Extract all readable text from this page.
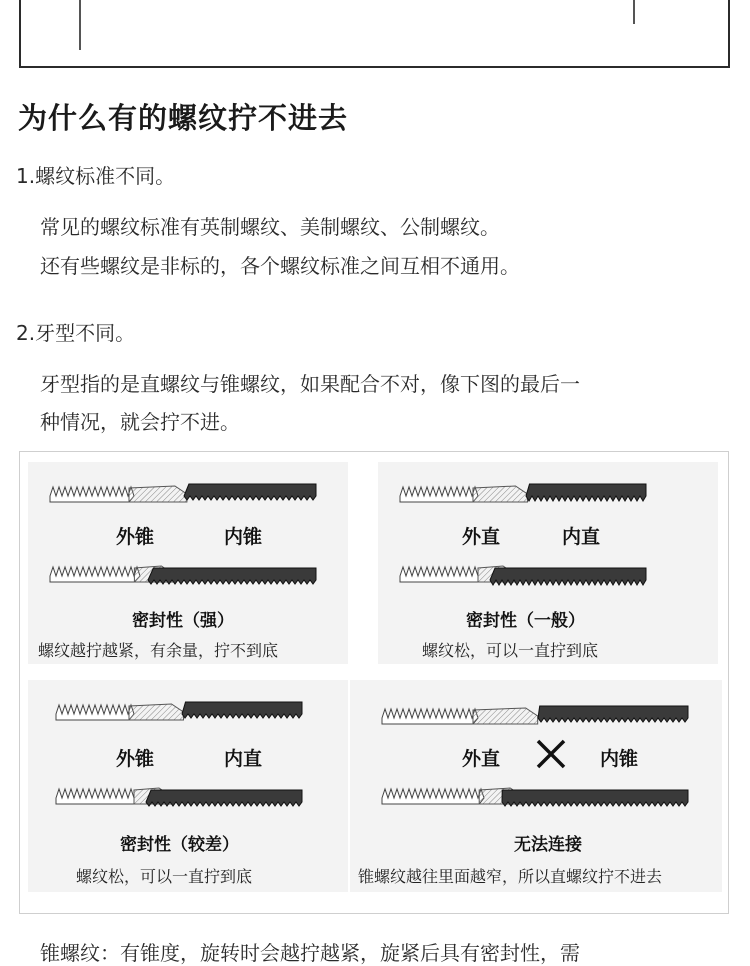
为什么有的螺纹拧不进去
1.螺纹标准不同。
常见的螺纹标准有英制螺纹、美制螺纹、公制螺纹。
还有些螺纹是非标的，各个螺纹标准之间互相不通用。
2.牙型不同。
牙型指的是直螺纹与锥螺纹，如果配合不对，像下图的最后一
种情况，就会拧不进。
外锥	内锥
密封性（强）
螺纹越拧越紧，有余量，拧不到底
外直	内直
密封性（一般）
螺纹松，可以一直拧到底
外锥	内直
密封性（较差）
螺纹松，可以一直拧到底
外直	内锥
无法连接
锥螺纹越往里面越窄，所以直螺纹拧不进去
锥螺纹：有锥度，旋转时会越拧越紧，旋紧后具有密封性，需
